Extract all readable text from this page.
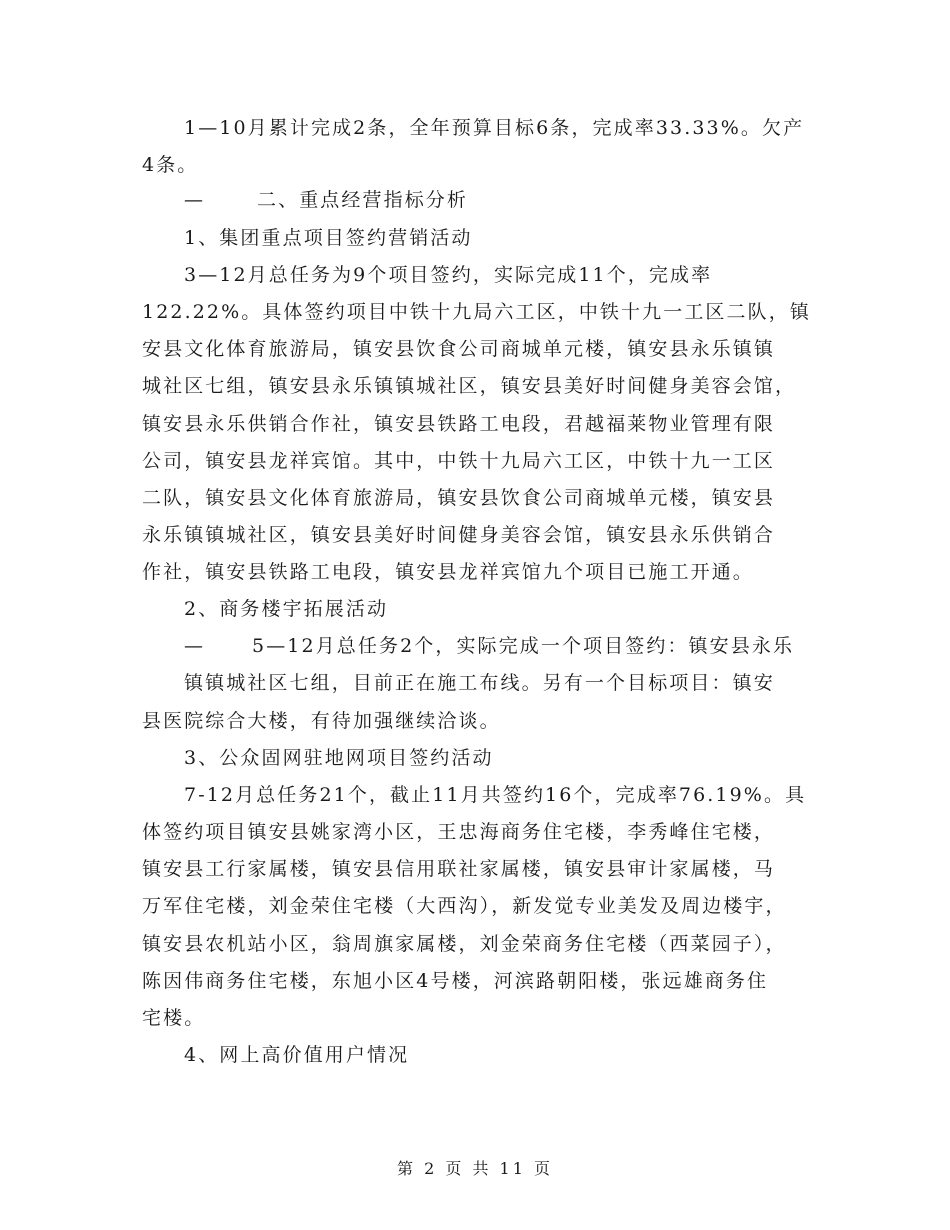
1—10月累计完成2条，全年预算目标6条，完成率33.33%。欠产
4条。
—	二、重点经营指标分析
1、集团重点项目签约营销活动
3—12月总任务为9个项目签约，实际完成11个，完成率
122.22%。具体签约项目中铁十九局六工区，中铁十九一工区二队，镇
安县文化体育旅游局，镇安县饮食公司商城单元楼，镇安县永乐镇镇
城社区七组，镇安县永乐镇镇城社区，镇安县美好时间健身美容会馆，
镇安县永乐供销合作社，镇安县铁路工电段，君越福莱物业管理有限
公司，镇安县龙祥宾馆。其中，中铁十九局六工区，中铁十九一工区
二队，镇安县文化体育旅游局，镇安县饮食公司商城单元楼，镇安县
永乐镇镇城社区，镇安县美好时间健身美容会馆，镇安县永乐供销合
作社，镇安县铁路工电段，镇安县龙祥宾馆九个项目已施工开通。
2、商务楼宇拓展活动
—	5—12月总任务2个，实际完成一个项目签约：镇安县永乐
镇镇城社区七组，目前正在施工布线。另有一个目标项目：镇安
县医院综合大楼，有待加强继续洽谈。
3、公众固网驻地网项目签约活动
7-12月总任务21个，截止11月共签约16个，完成率76.19%。具
体签约项目镇安县姚家湾小区，王忠海商务住宅楼，李秀峰住宅楼，
镇安县工行家属楼，镇安县信用联社家属楼，镇安县审计家属楼，马
万军住宅楼，刘金荣住宅楼（大西沟），新发觉专业美发及周边楼宇，
镇安县农机站小区，翁周旗家属楼，刘金荣商务住宅楼（西菜园子），
陈因伟商务住宅楼，东旭小区4号楼，河滨路朝阳楼，张远雄商务住
宅楼。
4、网上高价值用户情况
第 2 页 共 11 页
